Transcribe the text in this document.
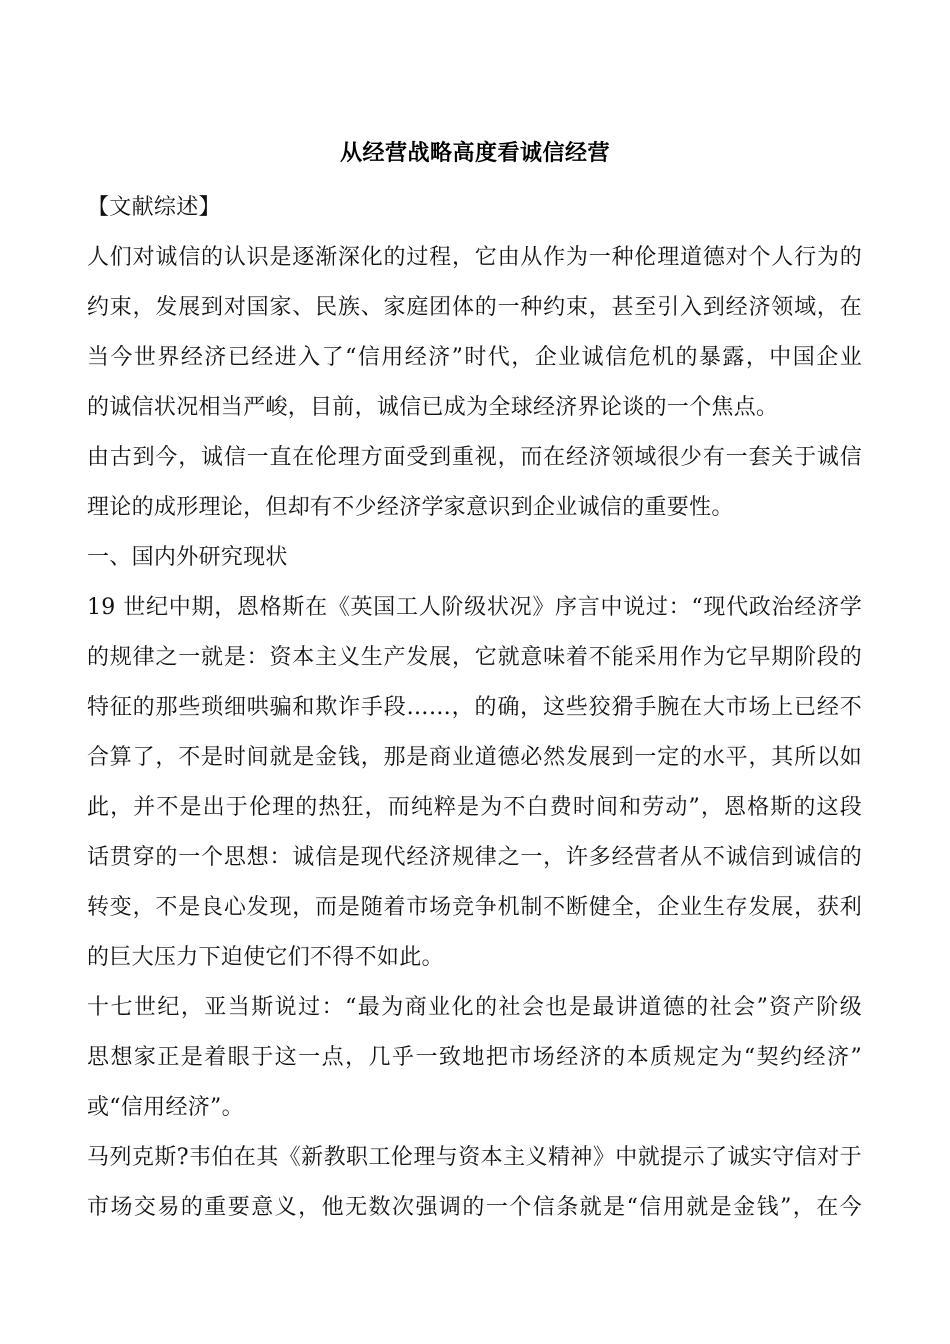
从经营战略高度看诚信经营
【文献综述】
人们对诚信的认识是逐渐深化的过程，它由从作为一种伦理道德对个人行为的
约束，发展到对国家、民族、家庭团体的一种约束，甚至引入到经济领域，在
当今世界经济已经进入了“信用经济”时代，企业诚信危机的暴露，中国企业
的诚信状况相当严峻，目前，诚信已成为全球经济界论谈的一个焦点。
由古到今，诚信一直在伦理方面受到重视，而在经济领域很少有一套关于诚信
理论的成形理论，但却有不少经济学家意识到企业诚信的重要性。
一、国内外研究现状
19 世纪中期，恩格斯在《英国工人阶级状况》序言中说过：“现代政治经济学
的规律之一就是：资本主义生产发展，它就意味着不能采用作为它早期阶段的
特征的那些琐细哄骗和欺诈手段……，的确，这些狡猾手腕在大市场上已经不
合算了，不是时间就是金钱，那是商业道德必然发展到一定的水平，其所以如
此，并不是出于伦理的热狂，而纯粹是为不白费时间和劳动”，恩格斯的这段
话贯穿的一个思想：诚信是现代经济规律之一，许多经营者从不诚信到诚信的
转变，不是良心发现，而是随着市场竞争机制不断健全，企业生存发展，获利
的巨大压力下迫使它们不得不如此。
十七世纪，亚当斯说过：“最为商业化的社会也是最讲道德的社会”资产阶级
思想家正是着眼于这一点，几乎一致地把市场经济的本质规定为“契约经济”
或“信用经济”。
马列克斯?韦伯在其《新教职工伦理与资本主义精神》中就提示了诚实守信对于
市场交易的重要意义，他无数次强调的一个信条就是“信用就是金钱”，在今
